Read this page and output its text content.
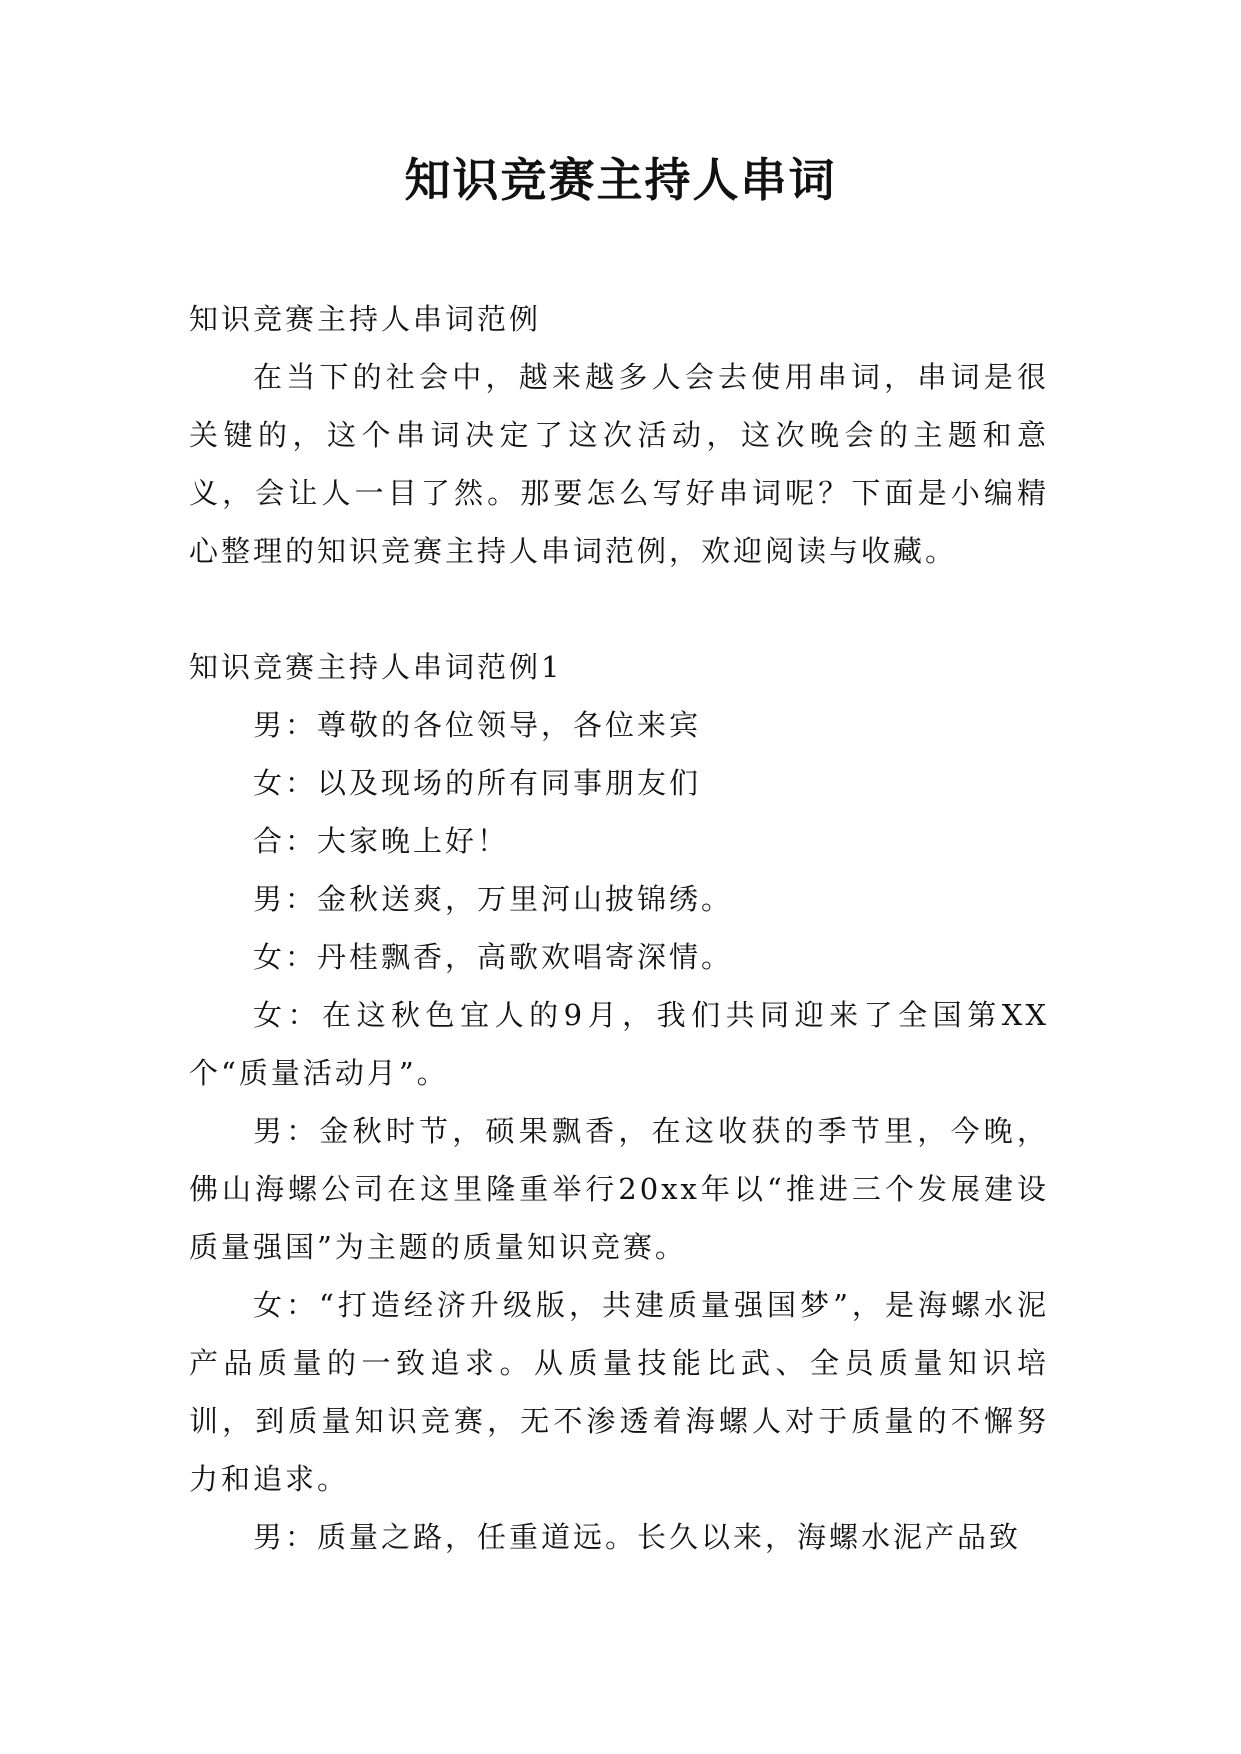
知识竞赛主持人串词

知识竞赛主持人串词范例

在当下的社会中，越来越多人会去使用串词，串词是很关键的，这个串词决定了这次活动，这次晚会的主题和意义，会让人一目了然。那要怎么写好串词呢？下面是小编精心整理的知识竞赛主持人串词范例，欢迎阅读与收藏。

知识竞赛主持人串词范例1

男：尊敬的各位领导，各位来宾

女：以及现场的所有同事朋友们

合：大家晚上好！

男：金秋送爽，万里河山披锦绣。

女：丹桂飘香，高歌欢唱寄深情。

女：在这秋色宜人的9月，我们共同迎来了全国第XX个“质量活动月”。

男：金秋时节，硕果飘香，在这收获的季节里，今晚，佛山海螺公司在这里隆重举行20xx年以“推进三个发展建设质量强国”为主题的质量知识竞赛。

女：“打造经济升级版，共建质量强国梦”，是海螺水泥产品质量的一致追求。从质量技能比武、全员质量知识培训，到质量知识竞赛，无不渗透着海螺人对于质量的不懈努力和追求。

男：质量之路，任重道远。长久以来，海螺水泥产品致
